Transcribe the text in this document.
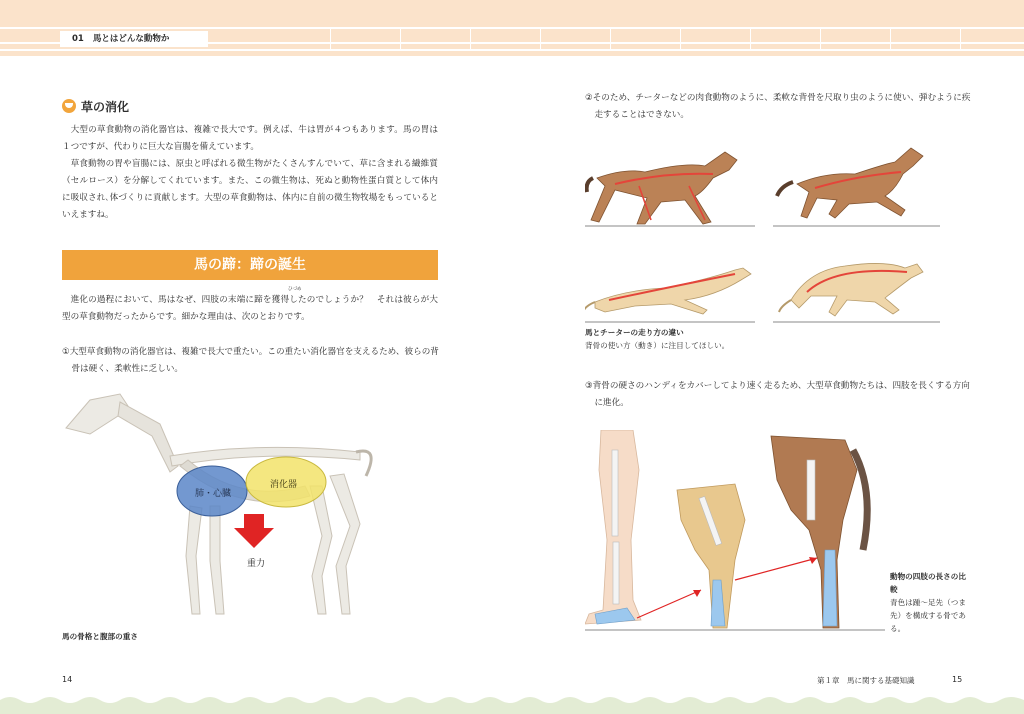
01 馬とはどんな動物か
草の消化

大型の草食動物の消化器官は、複雑で長大です。例えば、牛は胃が４つもあります。馬の胃は１つですが、代わりに巨大な盲腸を備えています。

草食動物の胃や盲腸には、原虫と呼ばれる微生物がたくさんすんでいて、草に含まれる繊維質（セルロース）を分解してくれています。また、この微生物は、死ぬと動物性蛋白質として体内に吸収され､体づくりに貢献します。大型の草食動物は、体内に自前の微生物牧場をもっているといえますね。

馬の蹄：蹄の誕生

進化の過程において、馬はなぜ、四肢の末端に蹄を獲得したのでしょうか？　それは彼らが大型の草食動物だったからです。細かな理由は、次のとおりです。

ひづめ
①大型草食動物の消化器官は、複雑で長大で重たい。この重たい消化器官を支えるため、彼らの背骨は硬く、柔軟性に乏しい。
肺・心臓
消化器
重力
馬の骨格と腹部の重さ
14
②そのため、チーターなどの肉食動物のように、柔軟な背骨を尺取り虫のように使い、弾むように疾走することはできない。
馬とチーターの走り方の違い
背骨の使い方（動き）に注目してほしい。
③背骨の硬さのハンディをカバーしてより速く走るため、大型草食動物たちは、四肢を長くする方向に進化。
動物の四肢の長さの比較
青色は踵～足先（つま先）を構成する骨である。
第１章　馬に関する基礎知識	15
